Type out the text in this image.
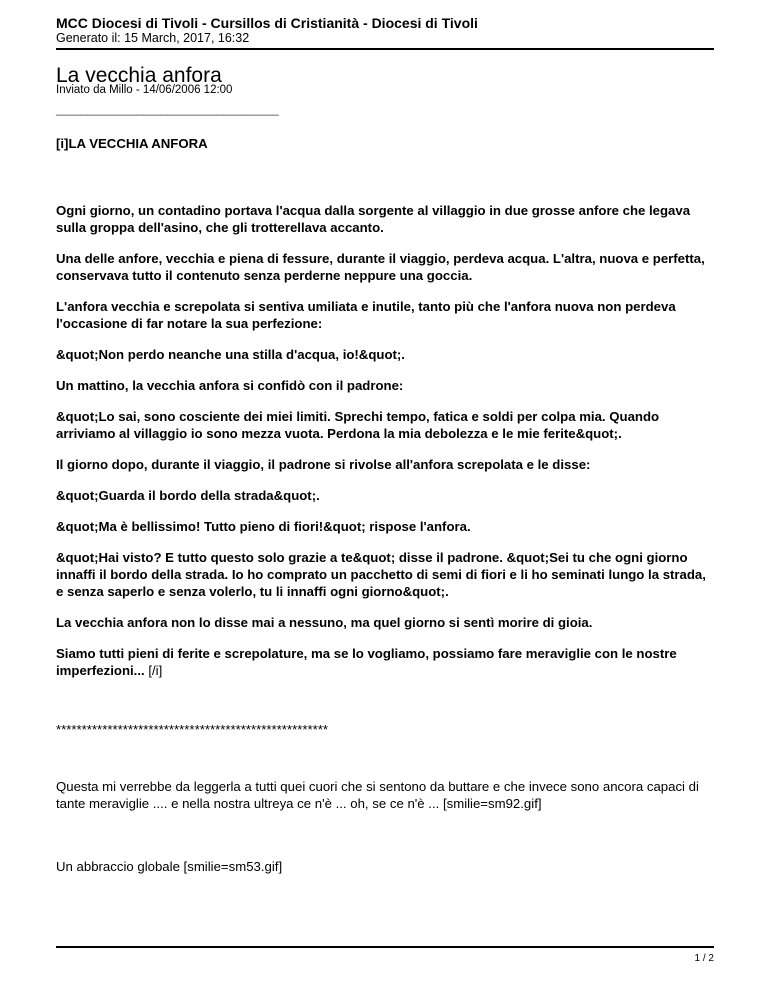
MCC Diocesi di Tivoli - Cursillos di Cristianità - Diocesi di Tivoli
Generato il: 15 March, 2017, 16:32
La vecchia anfora
Inviato da Millo - 14/06/2006 12:00
____________________________________

[i]LA VECCHIA ANFORA

Ogni giorno, un contadino portava l'acqua dalla sorgente al villaggio in due grosse anfore che legava sulla groppa dell'asino, che gli trotterellava accanto.

Una delle anfore, vecchia e piena di fessure, durante il viaggio, perdeva acqua. L'altra, nuova e perfetta, conservava tutto il contenuto senza perderne neppure una goccia.

L'anfora vecchia e screpolata si sentiva umiliata e inutile, tanto più che l'anfora nuova non perdeva l'occasione di far notare la sua perfezione:

&quot;Non perdo neanche una stilla d'acqua, io!&quot;.

Un mattino, la vecchia anfora si confidò con il padrone:

&quot;Lo sai, sono cosciente dei miei limiti. Sprechi tempo, fatica e soldi per colpa mia. Quando arriviamo al villaggio io sono mezza vuota. Perdona la mia debolezza e le mie ferite&quot;.

Il giorno dopo, durante il viaggio, il padrone si rivolse all'anfora screpolata e le disse:

&quot;Guarda il bordo della strada&quot;.

&quot;Ma è bellissimo! Tutto pieno di fiori!&quot; rispose l'anfora.

&quot;Hai visto? E tutto questo solo grazie a te&quot; disse il padrone. &quot;Sei tu che ogni giorno innaffi il bordo della strada. Io ho comprato un pacchetto di semi di fiori e li ho seminati lungo la strada, e senza saperlo e senza volerlo, tu li innaffi ogni giorno&quot;.

La vecchia anfora non lo disse mai a nessuno, ma quel giorno si sentì morire di gioia.

Siamo tutti pieni di ferite e screpolature, ma se lo vogliamo, possiamo fare meraviglie con le nostre imperfezioni... [/i]

*****************************************************

Questa mi verrebbe da leggerla a tutti quei cuori che si sentono da buttare e che invece sono ancora capaci di tante meraviglie .... e nella nostra ultreya ce n'è ... oh, se ce n'è ... [smilie=sm92.gif]

Un abbraccio globale [smilie=sm53.gif]

1 / 2
